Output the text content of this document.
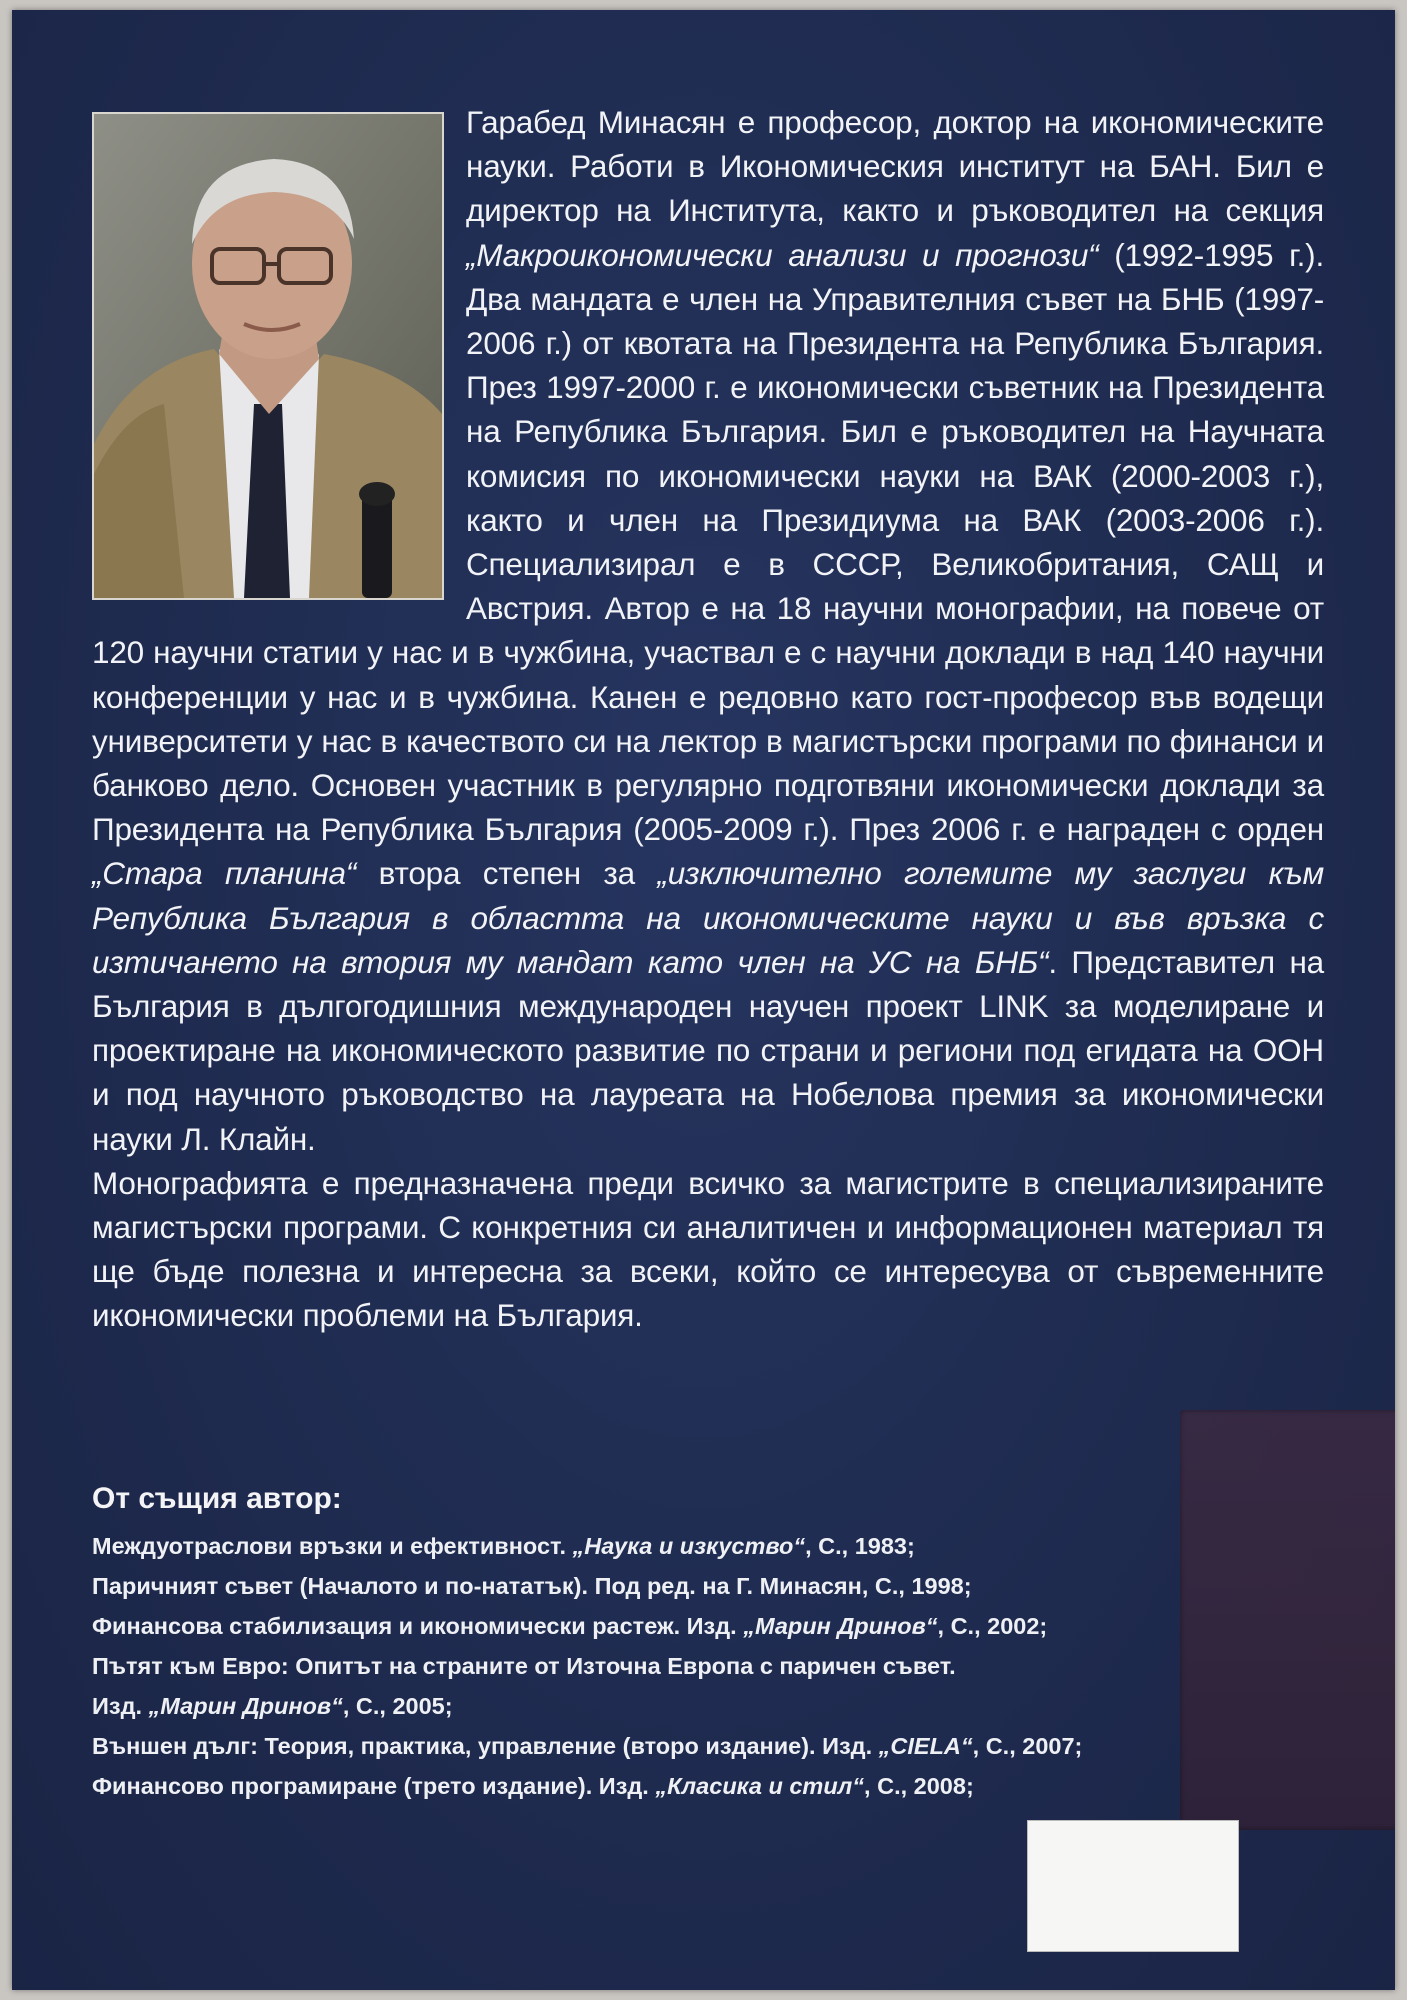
Гарабед Минасян е професор, доктор на икономическите науки. Работи в Икономическия институт на БАН. Бил е директор на Института, както и ръководител на секция „Макроикономически анализи и прогнози“ (1992-1995 г.). Два мандата е член на Управителния съвет на БНБ (1997-2006 г.) от квотата на Президента на Република България. През 1997-2000 г. е икономически съветник на Президента на Република България. Бил е ръководител на Научната комисия по икономически науки на ВАК (2000-2003 г.), както и член на Президиума на ВАК (2003-2006 г.). Специализирал е в СССР, Великобритания, САЩ и Австрия. Автор е на 18 научни монографии, на повече от 120 научни статии у нас и в чужбина, участвал е с научни доклади в над 140 научни конференции у нас и в чужбина. Канен е редовно като гост-професор във водещи университети у нас в качеството си на лектор в магистърски програми по финанси и банково дело. Основен участник в регулярно подготвяни икономически доклади за Президента на Република България (2005-2009 г.). През 2006 г. е награден с орден „Стара планина“ втора степен за „изключително големите му заслуги към Република България в областта на икономическите науки и във връзка с изтичането на втория му мандат като член на УС на БНБ“. Представител на България в дългогодишния международен научен проект LINK за моделиране и проектиране на икономическото развитие по страни и региони под егидата на ООН и под научното ръководство на лауреата на Нобелова премия за икономически науки Л. Клайн.

Монографията е предназначена преди всичко за магистрите в специализираните магистърски програми. С конкретния си аналитичен и информационен материал тя ще бъде полезна и интересна за всеки, който се интересува от съвременните икономически проблеми на България.

От същия автор:
Междуотраслови връзки и ефективност. „Наука и изкуство“, С., 1983;
Паричният съвет (Началото и по-нататък). Под ред. на Г. Минасян, С., 1998;
Финансова стабилизация и икономически растеж. Изд. „Марин Дринов“, С., 2002;
Пътят към Евро: Опитът на страните от Източна Европа с паричен съвет.
Изд. „Марин Дринов“, С., 2005;
Външен дълг: Теория, практика, управление (второ издание). Изд. „CIELA“, С., 2007;
Финансово програмиране (трето издание). Изд. „Класика и стил“, С., 2008;
